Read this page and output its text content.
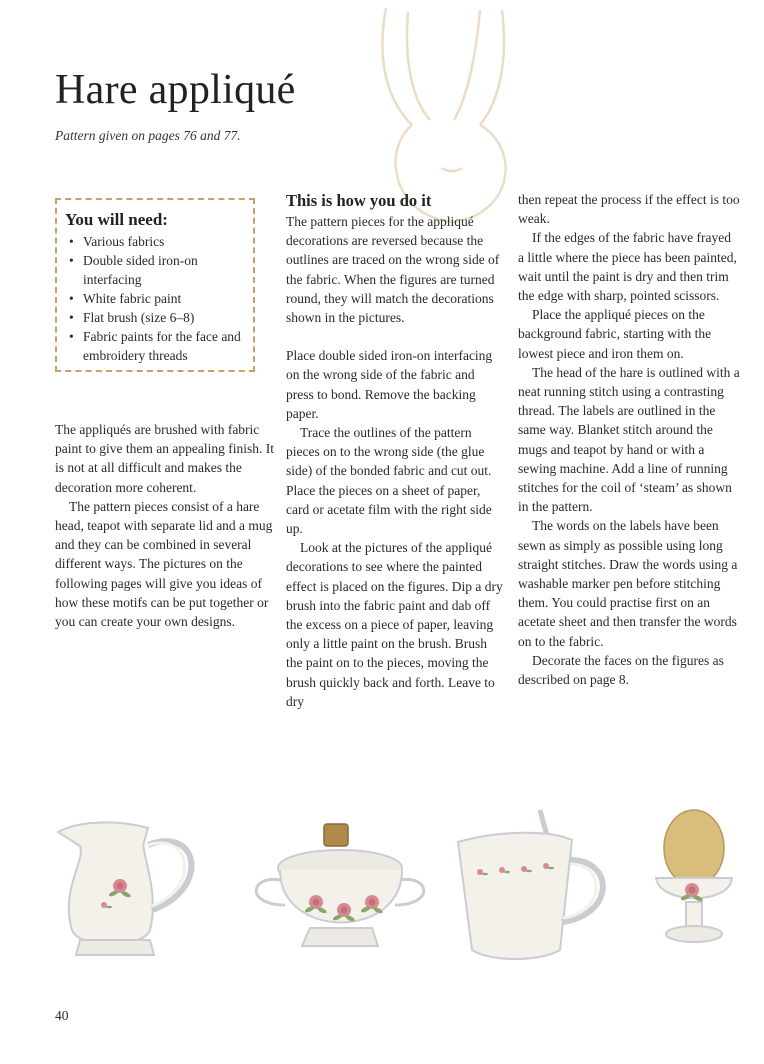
Hare appliqué
Pattern given on pages 76 and 77.
You will need:
• Various fabrics
• Double sided iron-on interfacing
• White fabric paint
• Flat brush (size 6–8)
• Fabric paints for the face and embroidery threads

The appliqués are brushed with fabric paint to give them an appealing finish. It is not at all difficult and makes the decoration more coherent.

The pattern pieces consist of a hare head, teapot with separate lid and a mug and they can be combined in several different ways. The pictures on the following pages will give you ideas of how these motifs can be put together or you can create your own designs.

This is how you do it

The pattern pieces for the appliqué decorations are reversed because the outlines are traced on the wrong side of the fabric. When the figures are turned round, they will match the decorations shown in the pictures.

Place double sided iron-on interfacing on the wrong side of the fabric and press to bond. Remove the backing paper.

Trace the outlines of the pattern pieces on to the wrong side (the glue side) of the bonded fabric and cut out. Place the pieces on a sheet of paper, card or acetate film with the right side up.

Look at the pictures of the appliqué decorations to see where the painted effect is placed on the figures. Dip a dry brush into the fabric paint and dab off the excess on a piece of paper, leaving only a little paint on the brush. Brush the paint on to the pieces, moving the brush quickly back and forth. Leave to dry

then repeat the process if the effect is too weak.

If the edges of the fabric have frayed a little where the piece has been painted, wait until the paint is dry and then trim the edge with sharp, pointed scissors.

Place the appliqué pieces on the background fabric, starting with the lowest piece and iron them on.

The head of the hare is outlined with a neat running stitch using a contrasting thread. The labels are outlined in the same way. Blanket stitch around the mugs and teapot by hand or with a sewing machine. Add a line of running stitches for the coil of ‘steam’ as shown in the pattern.

The words on the labels have been sewn as simply as possible using long straight stitches. Draw the words using a washable marker pen before stitching them. You could practise first on an acetate sheet and then transfer the words on to the fabric.

Decorate the faces on the figures as described on page 8.

40
